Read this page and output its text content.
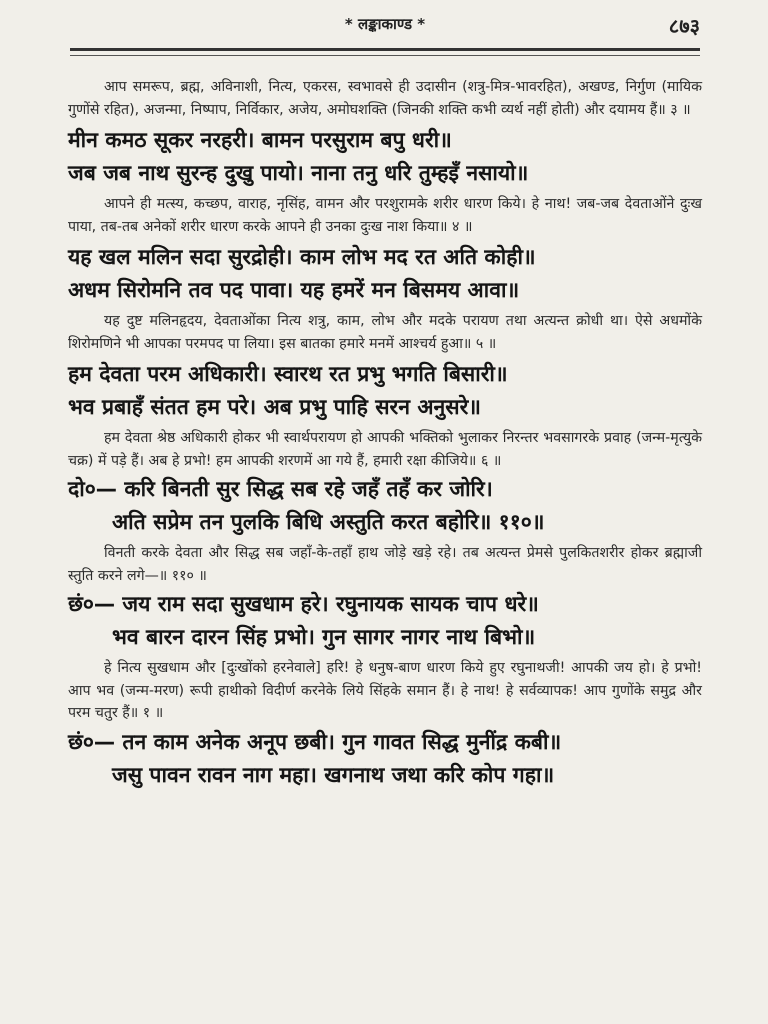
* लङ्काकाण्ड *	८७३

आप समरूप, ब्रह्म, अविनाशी, नित्य, एकरस, स्वभावसे ही उदासीन (शत्रु-मित्र-भावरहित), अखण्ड, निर्गुण (मायिक गुणोंसे रहित), अजन्मा, निष्पाप, निर्विकार, अजेय, अमोघशक्ति (जिनकी शक्ति कभी व्यर्थ नहीं होती) और दयामय हैं॥ ३ ॥

मीन कमठ सूकर नरहरी। बामन परसुराम बपु धरी॥

जब जब नाथ सुरन्ह दुखु पायो। नाना तनु धरि तुम्हइँ नसायो॥

आपने ही मत्स्य, कच्छप, वाराह, नृसिंह, वामन और परशुरामके शरीर धारण किये। हे नाथ! जब-जब देवताओंने दुःख पाया, तब-तब अनेकों शरीर धारण करके आपने ही उनका दुःख नाश किया॥ ४ ॥

यह खल मलिन सदा सुरद्रोही। काम लोभ मद रत अति कोही॥

अधम सिरोमनि तव पद पावा। यह हमरें मन बिसमय आवा॥

यह दुष्ट मलिनहृदय, देवताओंका नित्य शत्रु, काम, लोभ और मदके परायण तथा अत्यन्त क्रोधी था। ऐसे अधमोंके शिरोमणिने भी आपका परमपद पा लिया। इस बातका हमारे मनमें आश्चर्य हुआ॥ ५ ॥

हम देवता परम अधिकारी। स्वारथ रत प्रभु भगति बिसारी॥

भव प्रबाहँ संतत हम परे। अब प्रभु पाहि सरन अनुसरे॥

हम देवता श्रेष्ठ अधिकारी होकर भी स्वार्थपरायण हो आपकी भक्तिको भुलाकर निरन्तर भवसागरके प्रवाह (जन्म-मृत्युके चक्र) में पड़े हैं। अब हे प्रभो! हम आपकी शरणमें आ गये हैं, हमारी रक्षा कीजिये॥ ६ ॥

दो०— करि बिनती सुर सिद्ध सब रहे जहँ तहँ कर जोरि।

अति सप्रेम तन पुलकि बिधि अस्तुति करत बहोरि॥ ११०॥

विनती करके देवता और सिद्ध सब जहाँ-के-तहाँ हाथ जोड़े खड़े रहे। तब अत्यन्त प्रेमसे पुलकितशरीर होकर ब्रह्माजी स्तुति करने लगे—॥ ११० ॥

छं०— जय राम सदा सुखधाम हरे। रघुनायक सायक चाप धरे॥

भव बारन दारन सिंह प्रभो। गुन सागर नागर नाथ बिभो॥

हे नित्य सुखधाम और [दुःखोंको हरनेवाले] हरि! हे धनुष-बाण धारण किये हुए रघुनाथजी! आपकी जय हो। हे प्रभो! आप भव (जन्म-मरण) रूपी हाथीको विदीर्ण करनेके लिये सिंहके समान हैं। हे नाथ! हे सर्वव्यापक! आप गुणोंके समुद्र और परम चतुर हैं॥ १ ॥

छं०— तन काम अनेक अनूप छबी। गुन गावत सिद्ध मुनींद्र कबी॥

जसु पावन रावन नाग महा। खगनाथ जथा करि कोप गहा॥
